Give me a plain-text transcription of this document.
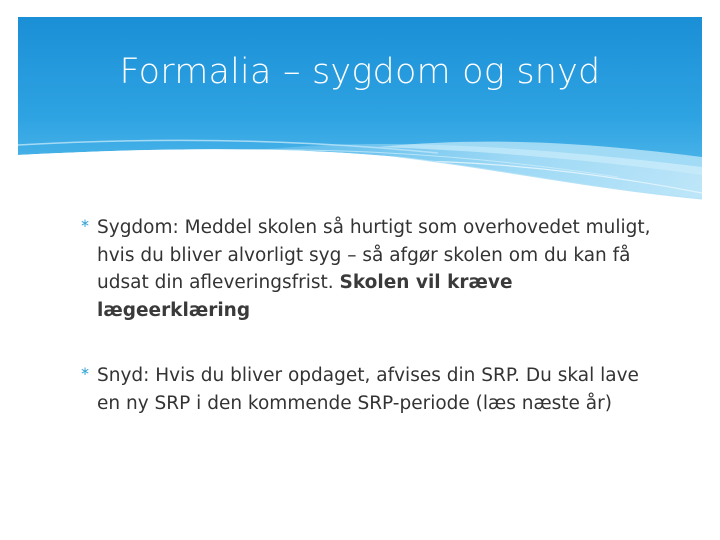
Formalia – sygdom og snyd

∗ Sygdom: Meddel skolen så hurtigt som overhovedet muligt, hvis du bliver alvorligt syg – så afgør skolen om du kan få udsat din afleveringsfrist. Skolen vil kræve lægeerklæring

∗ Snyd: Hvis du bliver opdaget, afvises din SRP. Du skal lave en ny SRP i den kommende SRP-periode (læs næste år)
